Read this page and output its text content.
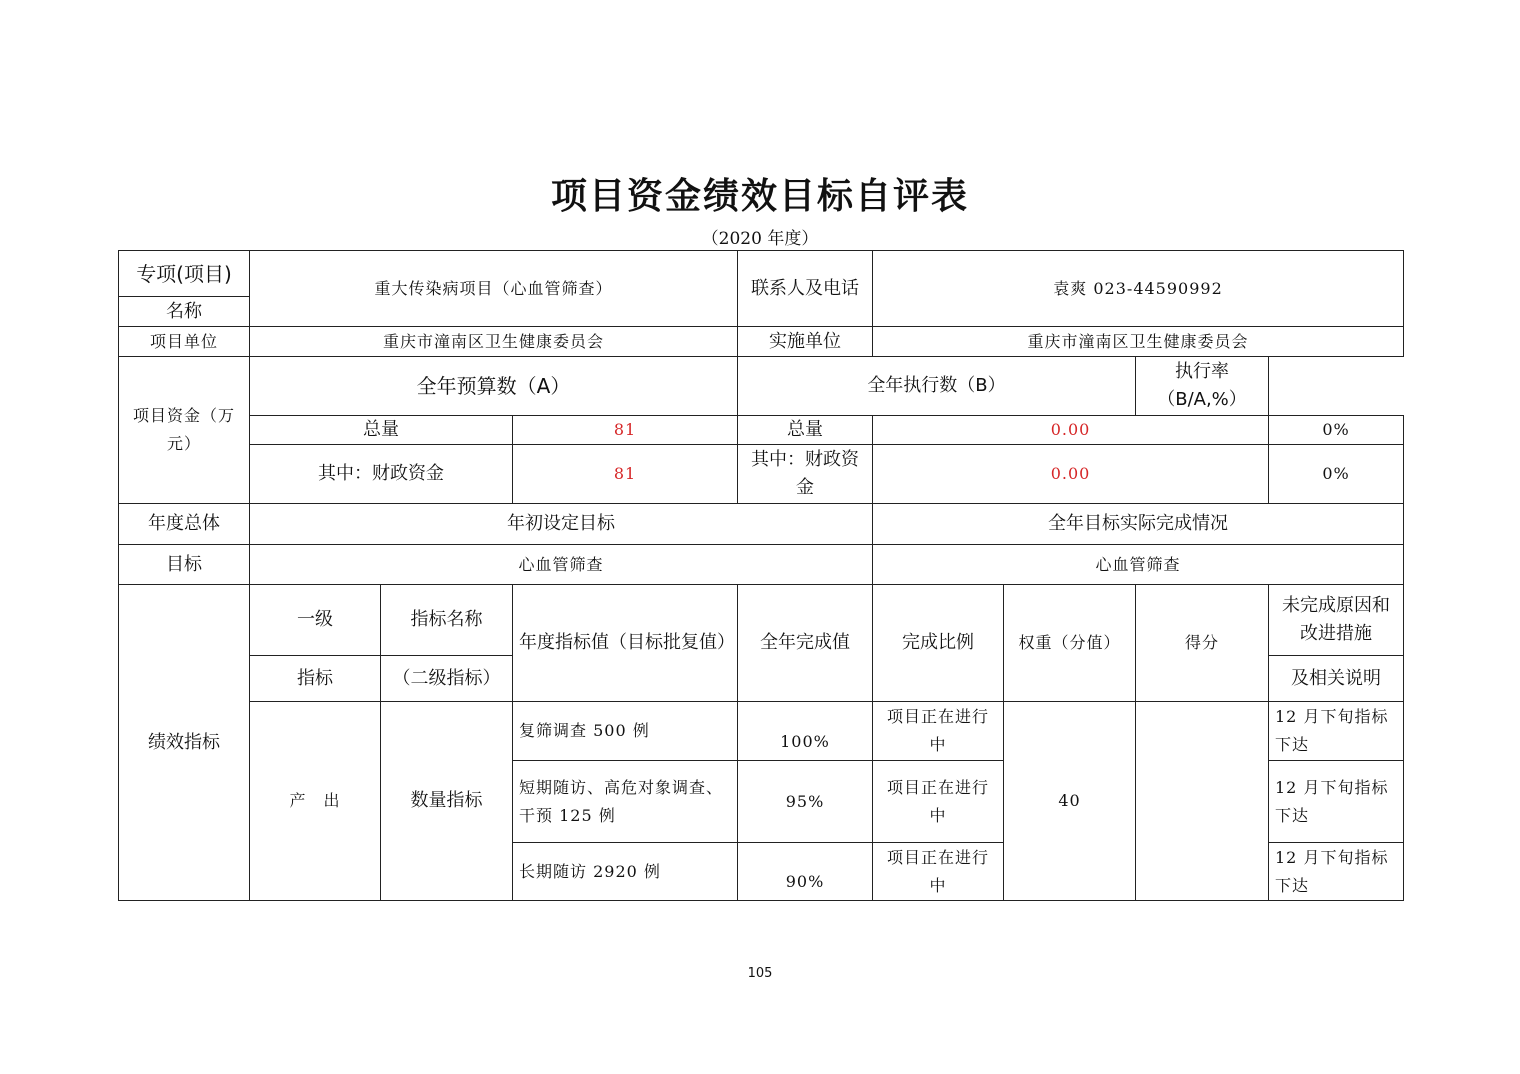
项目资金绩效目标自评表
（2020 年度）
专项(项目)	重大传染病项目（心血管筛查）			联系人及电话	袁爽 023-44590992			
名称								
项目单位	重庆市潼南区卫生健康委员会			实施单位	重庆市潼南区卫生健康委员会			
项目资金（万元）	全年预算数（A）			全年执行数（B）			执行率（B/A,%）	
	总量		81	总量	0.00			0%
	其中：财政资金		81	其中：财政资金	0.00			0%
年度总体	年初设定目标				全年目标实际完成情况			
目标	心血管筛查				心血管筛查			
绩效指标	一级	指标名称	年度指标值（目标批复值）	全年完成值	完成比例	权重（分值）	得分	未完成原因和改进措施
	指标	（二级指标）						及相关说明
	产　出	数量指标	复筛调查 500 例	100%	项目正在进行中	40		12 月下旬指标下达
			短期随访、高危对象调查、干预 125 例	95%	项目正在进行中			12 月下旬指标下达
			长期随访 2920 例	90%	项目正在进行中			12 月下旬指标下达
105
